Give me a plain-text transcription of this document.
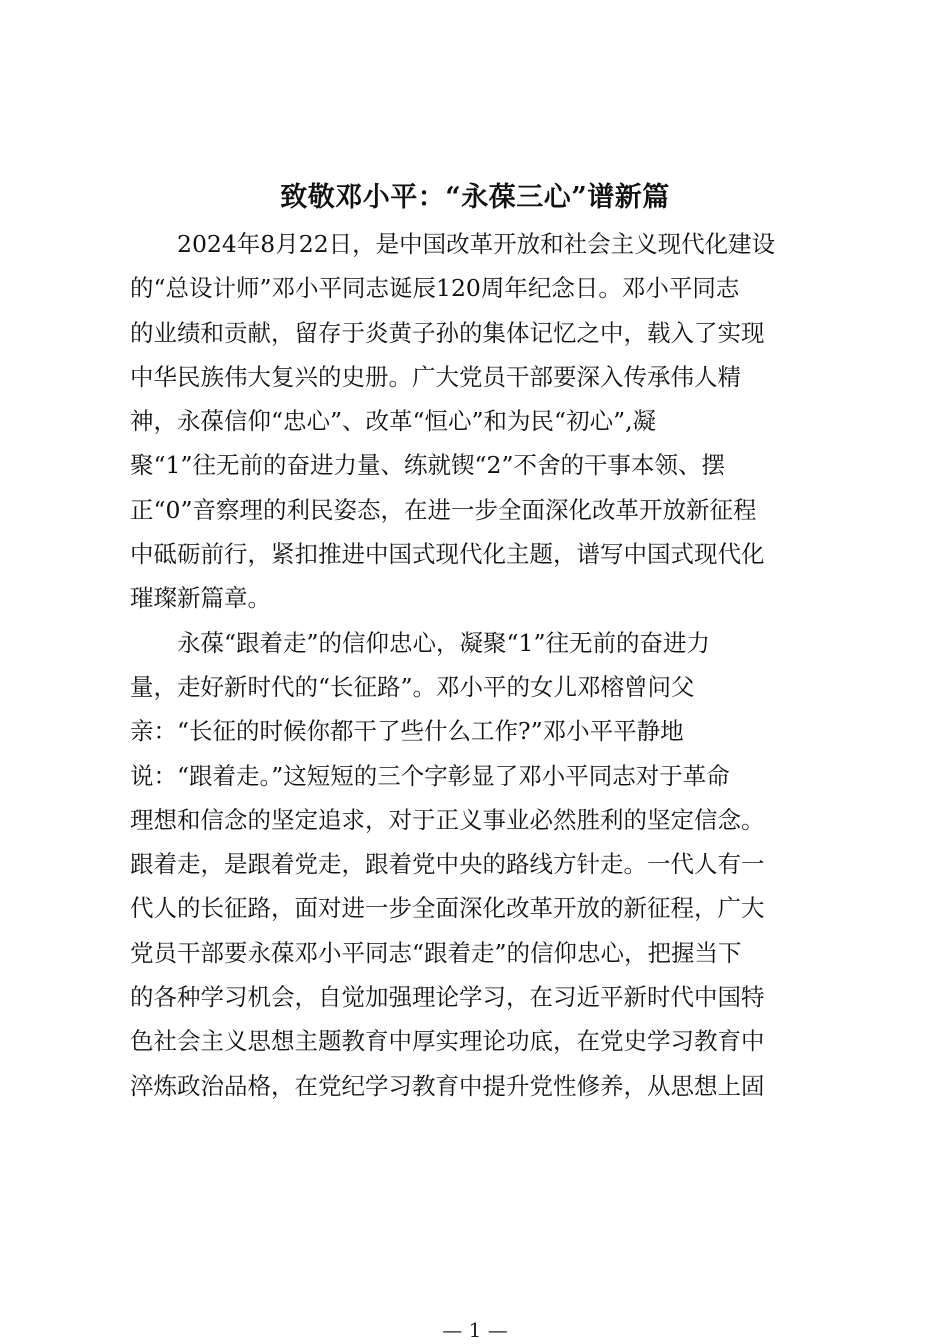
致敬邓小平：“永葆三心”谱新篇
2024年8月22日，是中国改革开放和社会主义现代化建设
的“总设计师”邓小平同志诞辰120周年纪念日。邓小平同志
的业绩和贡献，留存于炎黄子孙的集体记忆之中，载入了实现
中华民族伟大复兴的史册。广大党员干部要深入传承伟人精
神，永葆信仰“忠心”、改革“恒心”和为民“初心”,凝
聚“1”往无前的奋进力量、练就锲“2”不舍的干事本领、摆
正“0”音察理的利民姿态，在进一步全面深化改革开放新征程
中砥砺前行，紧扣推进中国式现代化主题，谱写中国式现代化
璀璨新篇章。
永葆“跟着走”的信仰忠心，凝聚“1”往无前的奋进力
量，走好新时代的“长征路”。邓小平的女儿邓榕曾问父
亲：“长征的时候你都干了些什么工作?”邓小平平静地
说：“跟着走。”这短短的三个字彰显了邓小平同志对于革命
理想和信念的坚定追求，对于正义事业必然胜利的坚定信念。
跟着走，是跟着党走，跟着党中央的路线方针走。一代人有一
代人的长征路，面对进一步全面深化改革开放的新征程，广大
党员干部要永葆邓小平同志“跟着走”的信仰忠心，把握当下
的各种学习机会，自觉加强理论学习，在习近平新时代中国特
色社会主义思想主题教育中厚实理论功底，在党史学习教育中
淬炼政治品格，在党纪学习教育中提升党性修养，从思想上固
— 1 —
